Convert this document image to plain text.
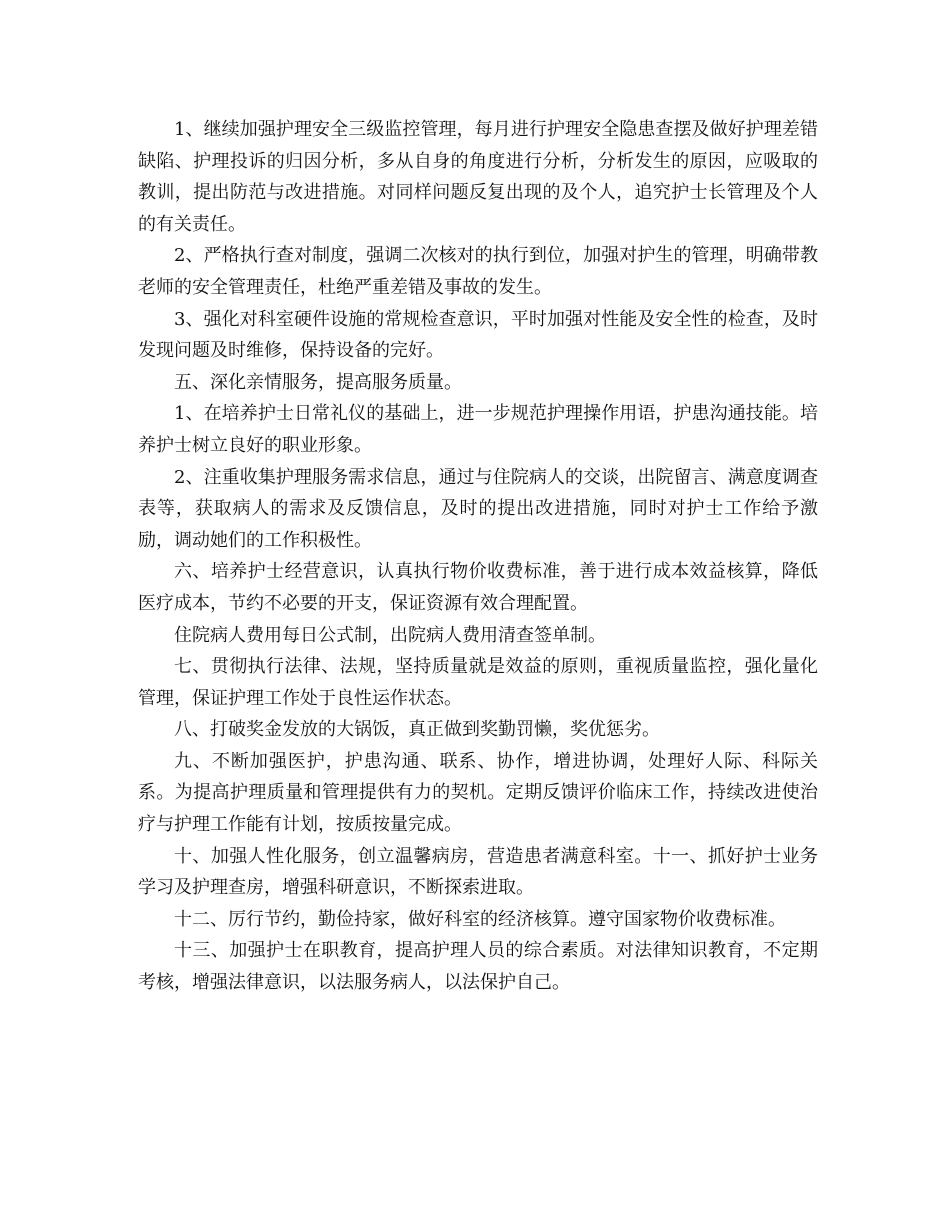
1、继续加强护理安全三级监控管理，每月进行护理安全隐患查摆及做好护理差错缺陷、护理投诉的归因分析，多从自身的角度进行分析，分析发生的原因，应吸取的教训，提出防范与改进措施。对同样问题反复出现的及个人，追究护士长管理及个人的有关责任。

2、严格执行查对制度，强调二次核对的执行到位，加强对护生的管理，明确带教老师的安全管理责任，杜绝严重差错及事故的发生。

3、强化对科室硬件设施的常规检查意识，平时加强对性能及安全性的检查，及时发现问题及时维修，保持设备的完好。

五、深化亲情服务，提高服务质量。

1、在培养护士日常礼仪的基础上，进一步规范护理操作用语，护患沟通技能。培养护士树立良好的职业形象。

2、注重收集护理服务需求信息，通过与住院病人的交谈，出院留言、满意度调查表等，获取病人的需求及反馈信息，及时的提出改进措施，同时对护士工作给予激励，调动她们的工作积极性。

六、培养护士经营意识，认真执行物价收费标准，善于进行成本效益核算，降低医疗成本，节约不必要的开支，保证资源有效合理配置。

住院病人费用每日公式制，出院病人费用清查签单制。

七、贯彻执行法律、法规，坚持质量就是效益的原则，重视质量监控，强化量化管理，保证护理工作处于良性运作状态。

八、打破奖金发放的大锅饭，真正做到奖勤罚懒，奖优惩劣。

九、不断加强医护，护患沟通、联系、协作，增进协调，处理好人际、科际关系。为提高护理质量和管理提供有力的契机。定期反馈评价临床工作，持续改进使治疗与护理工作能有计划，按质按量完成。

十、加强人性化服务，创立温馨病房，营造患者满意科室。十一、抓好护士业务学习及护理查房，增强科研意识，不断探索进取。

十二、厉行节约，勤俭持家，做好科室的经济核算。遵守国家物价收费标准。

十三、加强护士在职教育，提高护理人员的综合素质。对法律知识教育，不定期考核，增强法律意识，以法服务病人，以法保护自己。
